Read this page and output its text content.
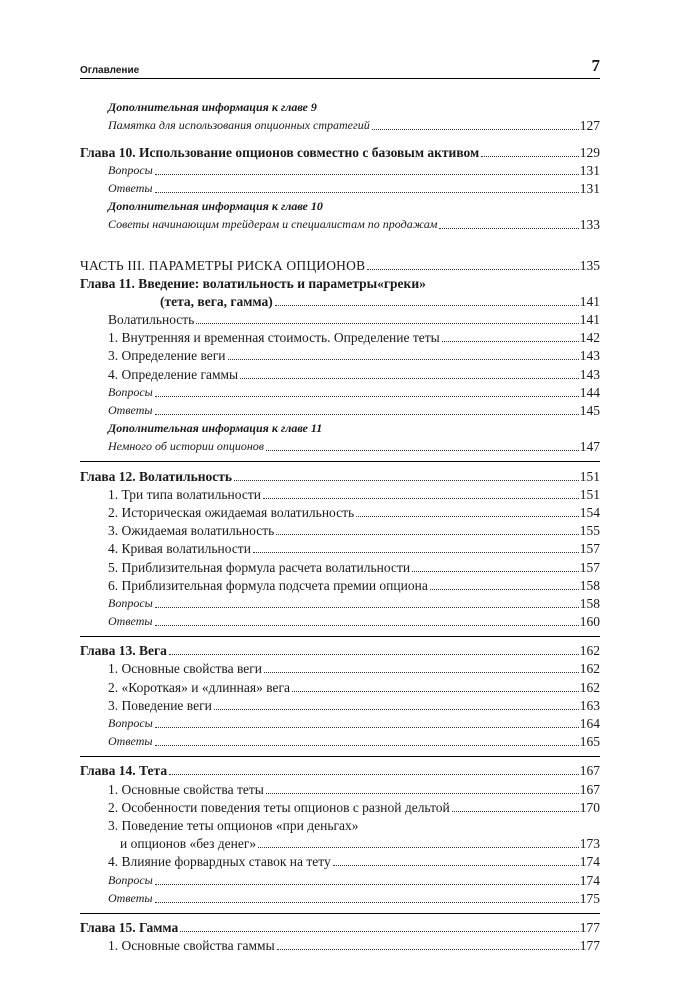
Оглавление	7
Дополнительная информация к главе 9
Памятка для использования опционных стратегий	127
Глава 10. Использование опционов совместно с базовым активом	129
Вопросы	131
Ответы	131
Дополнительная информация к главе 10
Советы начинающим трейдерам и специалистам по продажам	133
ЧАСТЬ III. ПАРАМЕТРЫ РИСКА ОПЦИОНОВ	135
Глава 11. Введение: волатильность и параметры«греки»
(тета, вега, гамма)	141
Волатильность	141
1. Внутренняя и временная стоимость. Определение теты	142
3. Определение веги	143
4. Определение гаммы	143
Вопросы	144
Ответы	145
Дополнительная информация к главе 11
Немного об истории опционов	147
Глава 12. Волатильность	151
1. Три типа волатильности	151
2. Историческая ожидаемая волатильность	154
3. Ожидаемая волатильность	155
4. Кривая волатильности	157
5. Приблизительная формула расчета волатильности	157
6. Приблизительная формула подсчета премии опциона	158
Вопросы	158
Ответы	160
Глава 13. Вега	162
1. Основные свойства веги	162
2. «Короткая» и «длинная» вега	162
3. Поведение веги	163
Вопросы	164
Ответы	165
Глава 14. Тета	167
1. Основные свойства теты	167
2. Особенности поведения теты опционов с разной дельтой	170
3. Поведение теты опционов «при деньгах»
и опционов «без денег»	173
4. Влияние форвардных ставок на тету	174
Вопросы	174
Ответы	175
Глава 15. Гамма	177
1. Основные свойства гаммы	177
